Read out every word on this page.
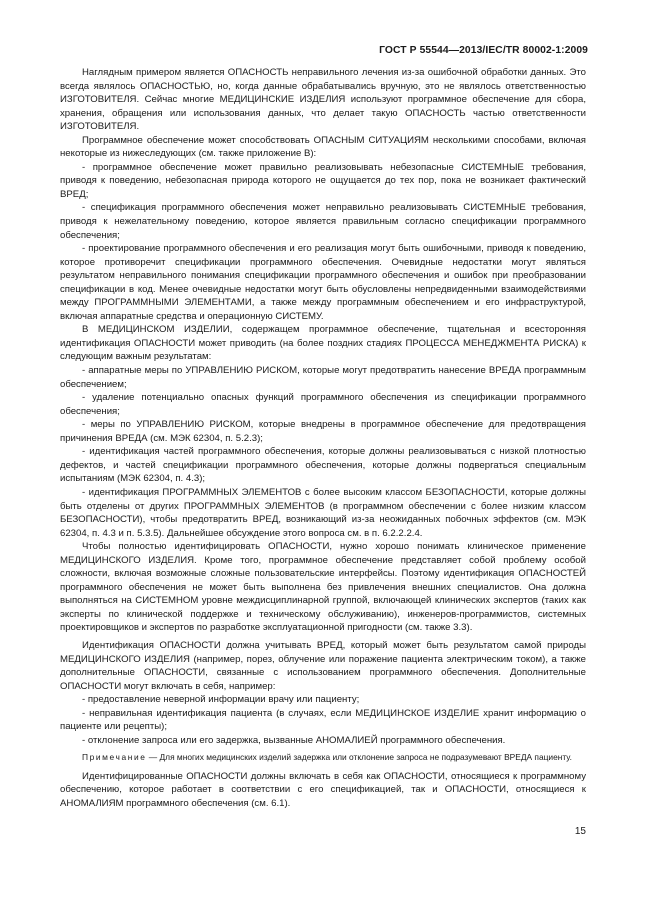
ГОСТ Р 55544—2013/IEC/TR 80002-1:2009

Наглядным примером является ОПАСНОСТЬ неправильного лечения из-за ошибочной обработки данных. Это всегда являлось ОПАСНОСТЬЮ, но, когда данные обрабатывались вручную, это не являлось ответственностью ИЗГОТОВИТЕЛЯ. Сейчас многие МЕДИЦИНСКИЕ ИЗДЕЛИЯ используют программное обеспечение для сбора, хранения, обращения или использования данных, что делает такую ОПАСНОСТЬ частью ответственности ИЗГОТОВИТЕЛЯ.

Программное обеспечение может способствовать ОПАСНЫМ СИТУАЦИЯМ несколькими способами, включая некоторые из нижеследующих (см. также приложение В):

- программное обеспечение может правильно реализовывать небезопасные СИСТЕМНЫЕ требования, приводя к поведению, небезопасная природа которого не ощущается до тех пор, пока не возникает фактический ВРЕД;

- спецификация программного обеспечения может неправильно реализовывать СИСТЕМНЫЕ требования, приводя к нежелательному поведению, которое является правильным согласно спецификации программного обеспечения;

- проектирование программного обеспечения и его реализация могут быть ошибочными, приводя к поведению, которое противоречит спецификации программного обеспечения. Очевидные недостатки могут являться результатом неправильного понимания спецификации программного обеспечения и ошибок при преобразовании спецификации в код. Менее очевидные недостатки могут быть обусловлены непредвиденными взаимодействиями между ПРОГРАММНЫМИ ЭЛЕМЕНТАМИ, а также между программным обеспечением и его инфраструктурой, включая аппаратные средства и операционную СИСТЕМУ.

В МЕДИЦИНСКОМ ИЗДЕЛИИ, содержащем программное обеспечение, тщательная и всесторонняя идентификация ОПАСНОСТИ может приводить (на более поздних стадиях ПРОЦЕССА МЕНЕДЖМЕНТА РИСКА) к следующим важным результатам:

- аппаратные меры по УПРАВЛЕНИЮ РИСКОМ, которые могут предотвратить нанесение ВРЕДА программным обеспечением;

- удаление потенциально опасных функций программного обеспечения из спецификации программного обеспечения;

- меры по УПРАВЛЕНИЮ РИСКОМ, которые внедрены в программное обеспечение для предотвращения причинения ВРЕДА (см. МЭК 62304, п. 5.2.3);

- идентификация частей программного обеспечения, которые должны реализовываться с низкой плотностью дефектов, и частей спецификации программного обеспечения, которые должны подвергаться специальным испытаниям (МЭК 62304, п. 4.3);

- идентификация ПРОГРАММНЫХ ЭЛЕМЕНТОВ с более высоким классом БЕЗОПАСНОСТИ, которые должны быть отделены от других ПРОГРАММНЫХ ЭЛЕМЕНТОВ (в программном обеспечении с более низким классом БЕЗОПАСНОСТИ), чтобы предотвратить ВРЕД, возникающий из-за неожиданных побочных эффектов (см. МЭК 62304, п. 4.3 и п. 5.3.5). Дальнейшее обсуждение этого вопроса см. в п. 6.2.2.2.4.

Чтобы полностью идентифицировать ОПАСНОСТИ, нужно хорошо понимать клиническое применение МЕДИЦИНСКОГО ИЗДЕЛИЯ. Кроме того, программное обеспечение представляет собой проблему особой сложности, включая возможные сложные пользовательские интерфейсы. Поэтому идентификация ОПАСНОСТЕЙ программного обеспечения не может быть выполнена без привлечения внешних специалистов. Она должна выполняться на СИСТЕМНОМ уровне междисциплинарной группой, включающей клинических экспертов (таких как эксперты по клинической поддержке и техническому обслуживанию), инженеров-программистов, системных проектировщиков и экспертов по разработке эксплуатационной пригодности (см. также 3.3).

Идентификация ОПАСНОСТИ должна учитывать ВРЕД, который может быть результатом самой природы МЕДИЦИНСКОГО ИЗДЕЛИЯ (например, порез, облучение или поражение пациента электрическим током), а также дополнительные ОПАСНОСТИ, связанные с использованием программного обеспечения. Дополнительные ОПАСНОСТИ могут включать в себя, например:

- предоставление неверной информации врачу или пациенту;

- неправильная идентификация пациента (в случаях, если МЕДИЦИНСКОЕ ИЗДЕЛИЕ хранит информацию о пациенте или рецепты);

- отклонение запроса или его задержка, вызванные АНОМАЛИЕЙ программного обеспечения.

Примечание — Для многих медицинских изделий задержка или отклонение запроса не подразумевают ВРЕДА пациенту.

Идентифицированные ОПАСНОСТИ должны включать в себя как ОПАСНОСТИ, относящиеся к программному обеспечению, которое работает в соответствии с его спецификацией, так и ОПАСНОСТИ, относящиеся к АНОМАЛИЯМ программного обеспечения (см. 6.1).

15
